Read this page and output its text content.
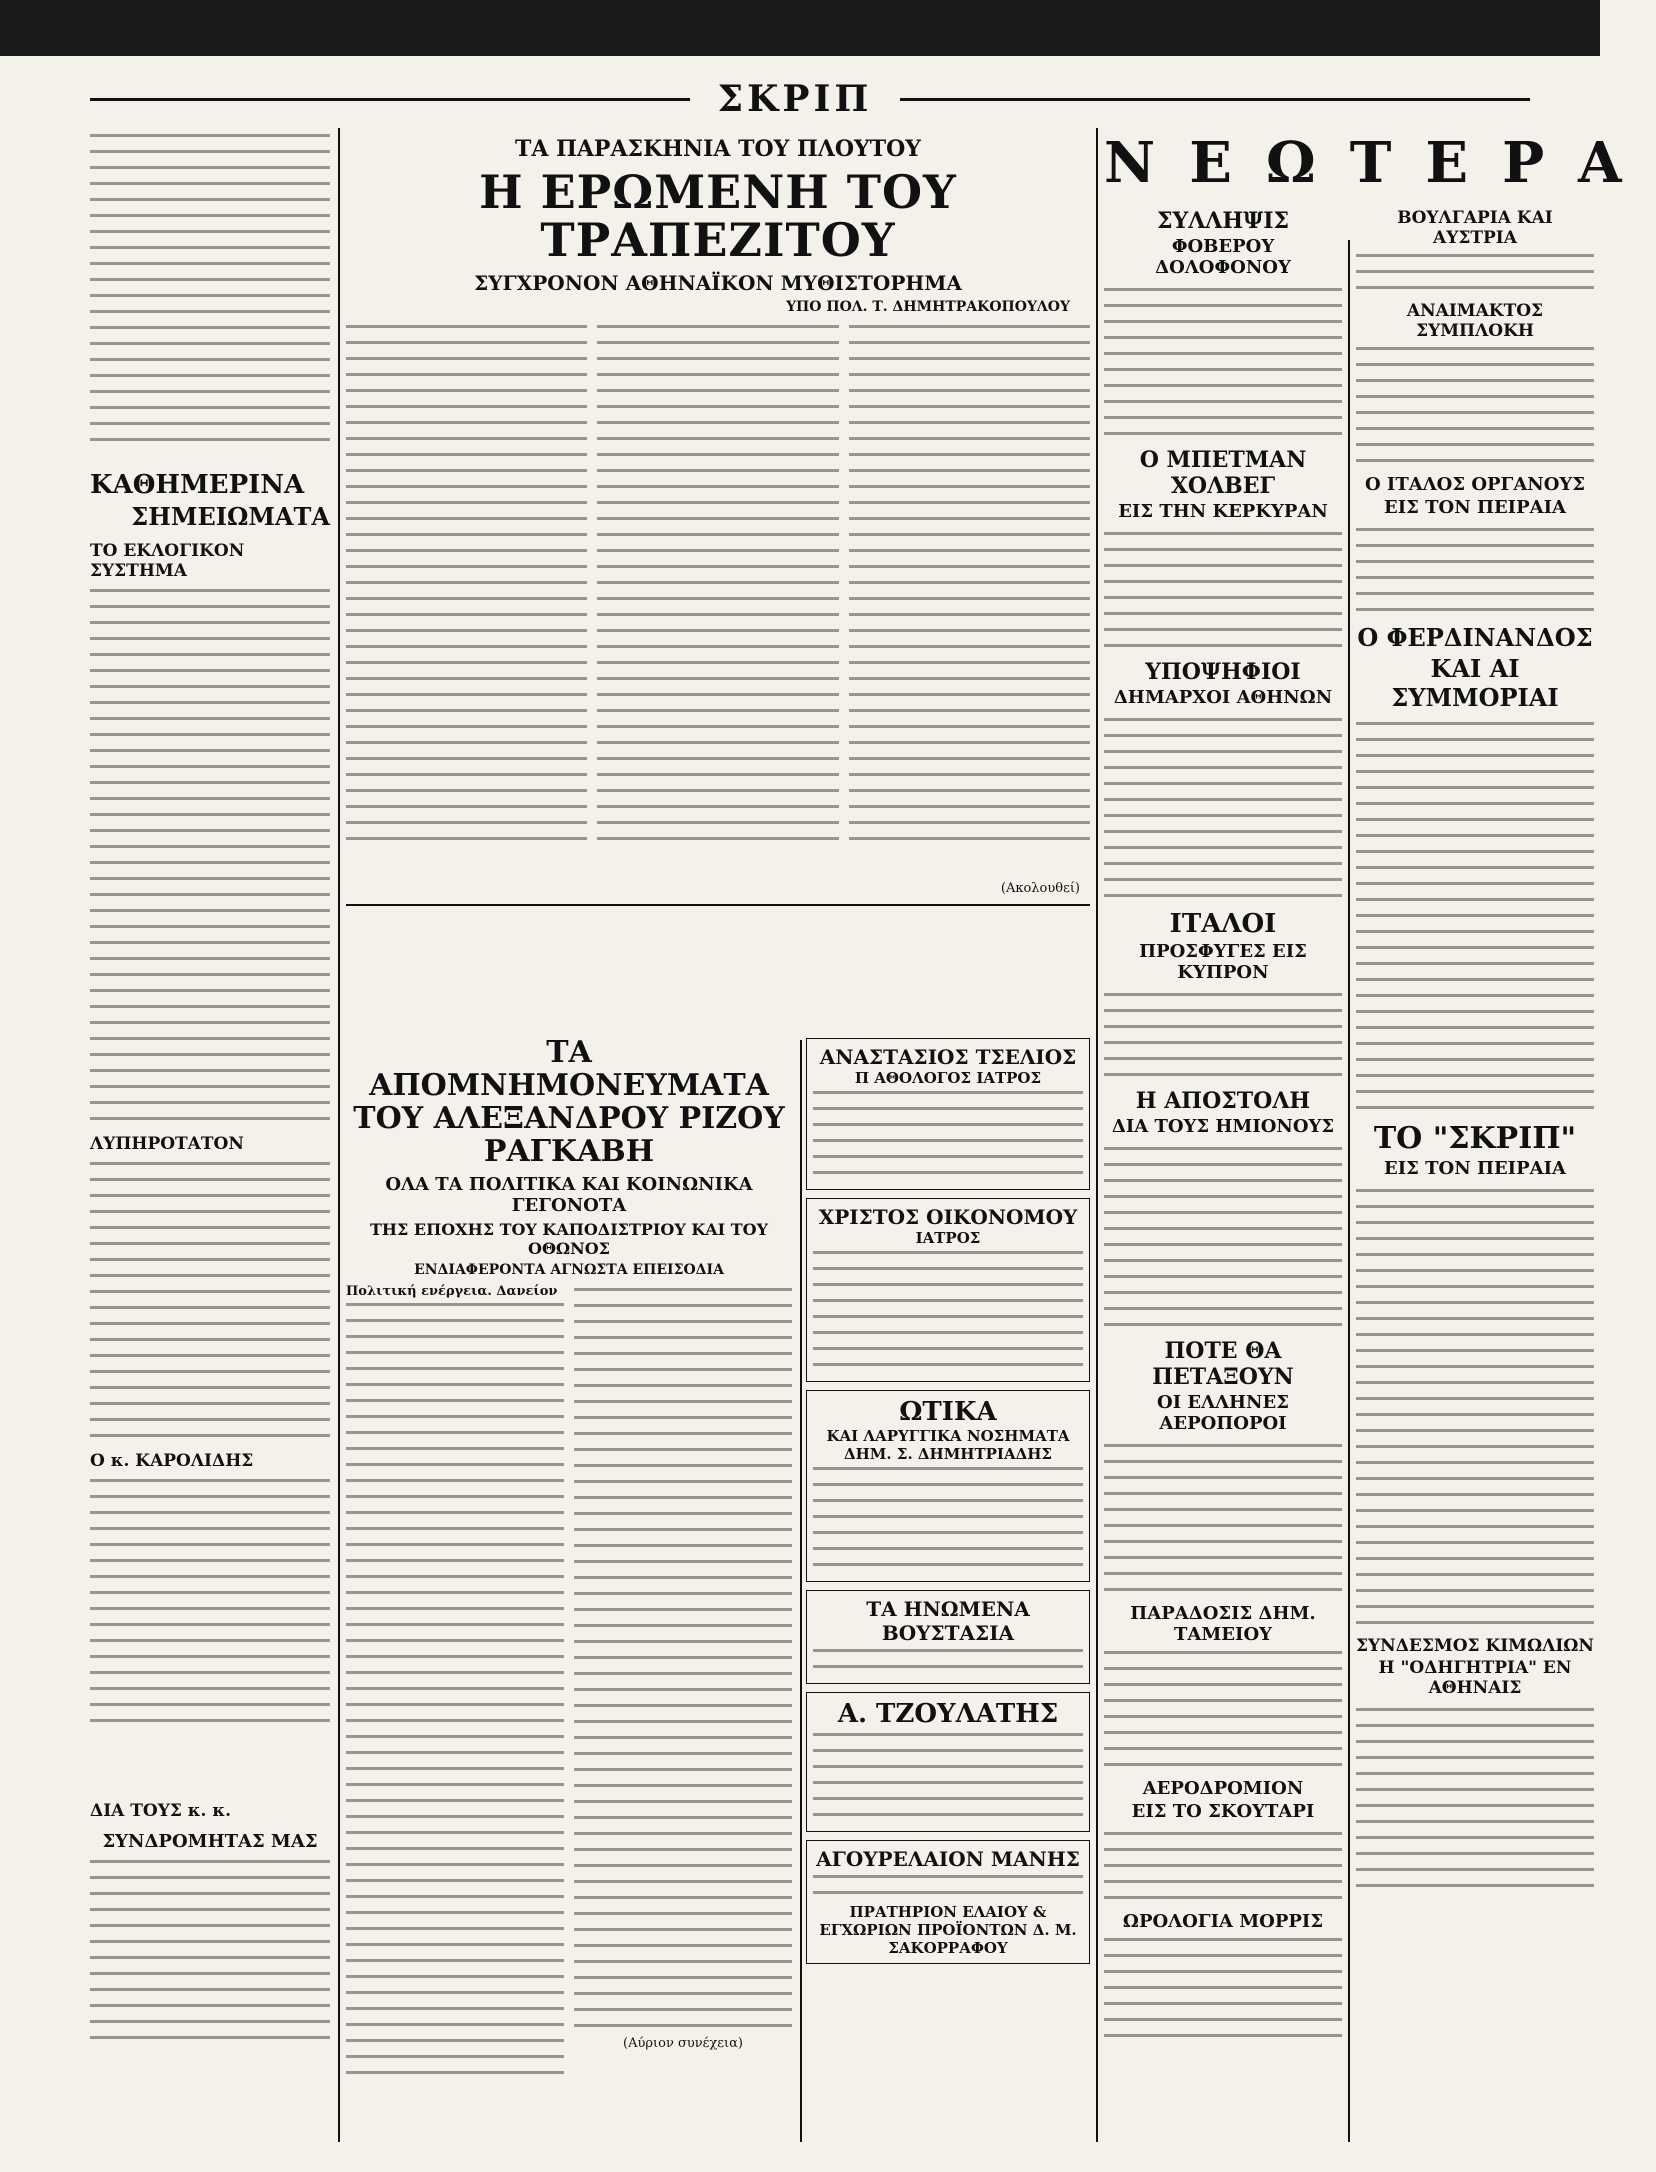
ΣΚΡΙΠ
ΚΑΘΗΜΕΡΙΝΑ
ΣΗΜΕΙΩΜΑΤΑ
ΤΟ ΕΚΛΟΓΙΚΟΝ ΣΥΣΤΗΜΑ
ΛΥΠΗΡΟΤΑΤΟΝ
Ο κ. ΚΑΡΟΛΙΔΗΣ
ΔΙΑ ΤΟΥΣ κ. κ.
ΣΥΝΔΡΟΜΗΤΑΣ ΜΑΣ
ΤΑ ΠΑΡΑΣΚΗΝΙΑ ΤΟΥ ΠΛΟΥΤΟΥ
Η ΕΡΩΜΕΝΗ ΤΟΥ ΤΡΑΠΕΖΙΤΟΥ
ΣΥΓΧΡΟΝΟΝ ΑΘΗΝΑΪΚΟΝ ΜΥΘΙΣΤΟΡΗΜΑ
ΥΠΟ ΠΟΛ. Τ. ΔΗΜΗΤΡΑΚΟΠΟΥΛΟΥ
(Ακολουθεί)
ΤΑ ΑΠΟΜΝΗΜΟΝΕΥΜΑΤΑ ΤΟΥ ΑΛΕΞΑΝΔΡΟΥ ΡΙΖΟΥ ΡΑΓΚΑΒΗ
ΟΛΑ ΤΑ ΠΟΛΙΤΙΚΑ ΚΑΙ ΚΟΙΝΩΝΙΚΑ ΓΕΓΟΝΟΤΑ
ΤΗΣ ΕΠΟΧΗΣ ΤΟΥ ΚΑΠΟΔΙΣΤΡΙΟΥ ΚΑΙ ΤΟΥ ΟΘΩΝΟΣ
ΕΝΔΙΑΦΕΡΟΝΤΑ ΑΓΝΩΣΤΑ ΕΠΕΙΣΟΔΙΑ
Πολιτική ενέργεια. Δανείον
(Αύριον συνέχεια)
ΑΝΑΣΤΑΣΙΟΣ ΤΣΕΛΙΟΣ
Π ΑΘΟΛΟΓΟΣ ΙΑΤΡΟΣ
ΧΡΙΣΤΟΣ ΟΙΚΟΝΟΜΟΥ
ΙΑΤΡΟΣ
ΩΤΙΚΑ
ΚΑΙ ΛΑΡΥΓΓΙΚΑ ΝΟΣΗΜΑΤΑ ΔΗΜ. Σ. ΔΗΜΗΤΡΙΑΔΗΣ
ΤΑ ΗΝΩΜΕΝΑ ΒΟΥΣΤΑΣΙΑ
Α. ΤΖΟΥΛΑΤΗΣ
ΑΓΟΥΡΕΛΑΙΟΝ ΜΑΝΗΣ
ΠΡΑΤΗΡΙΟΝ ΕΛΑΙΟΥ & ΕΓΧΩΡΙΩΝ ΠΡΟΪΟΝΤΩΝ Δ. Μ. ΣΑΚΟΡΡΑΦΟΥ
ΝΕΩΤΕΡΑ
ΣΥΛΛΗΨΙΣ
ΦΟΒΕΡΟΥ ΔΟΛΟΦΟΝΟΥ
Ο ΜΠΕΤΜΑΝ ΧΟΛΒΕΓ
ΕΙΣ ΤΗΝ ΚΕΡΚΥΡΑΝ
ΥΠΟΨΗΦΙΟΙ
ΔΗΜΑΡΧΟΙ ΑΘΗΝΩΝ
ΙΤΑΛΟΙ
ΠΡΟΣΦΥΓΕΣ ΕΙΣ ΚΥΠΡΟΝ
Η ΑΠΟΣΤΟΛΗ
ΔΙΑ ΤΟΥΣ ΗΜΙΟΝΟΥΣ
ΠΟΤΕ ΘΑ ΠΕΤΑΞΟΥΝ
ΟΙ ΕΛΛΗΝΕΣ ΑΕΡΟΠΟΡΟΙ
ΠΑΡΑΔΟΣΙΣ ΔΗΜ. ΤΑΜΕΙΟΥ
ΑΕΡΟΔΡΟΜΙΟΝ
ΕΙΣ ΤΟ ΣΚΟΥΤΑΡΙ
ΩΡΟΛΟΓΙΑ ΜΟΡΡΙΣ
ΒΟΥΛΓΑΡΙΑ ΚΑΙ ΑΥΣΤΡΙΑ
ΑΝΑΙΜΑΚΤΟΣ ΣΥΜΠΛΟΚΗ
Ο ΙΤΑΛΟΣ ΟΡΓΑΝΟΥΣ
ΕΙΣ ΤΟΝ ΠΕΙΡΑΙΑ
Ο ΦΕΡΔΙΝΑΝΔΟΣ
ΚΑΙ ΑΙ ΣΥΜΜΟΡΙΑΙ
ΤΟ "ΣΚΡΙΠ"
ΕΙΣ ΤΟΝ ΠΕΙΡΑΙΑ
ΣΥΝΔΕΣΜΟΣ ΚΙΜΩΛΙΩΝ
Η "ΟΔΗΓΗΤΡΙΑ" ΕΝ ΑΘΗΝΑΙΣ
